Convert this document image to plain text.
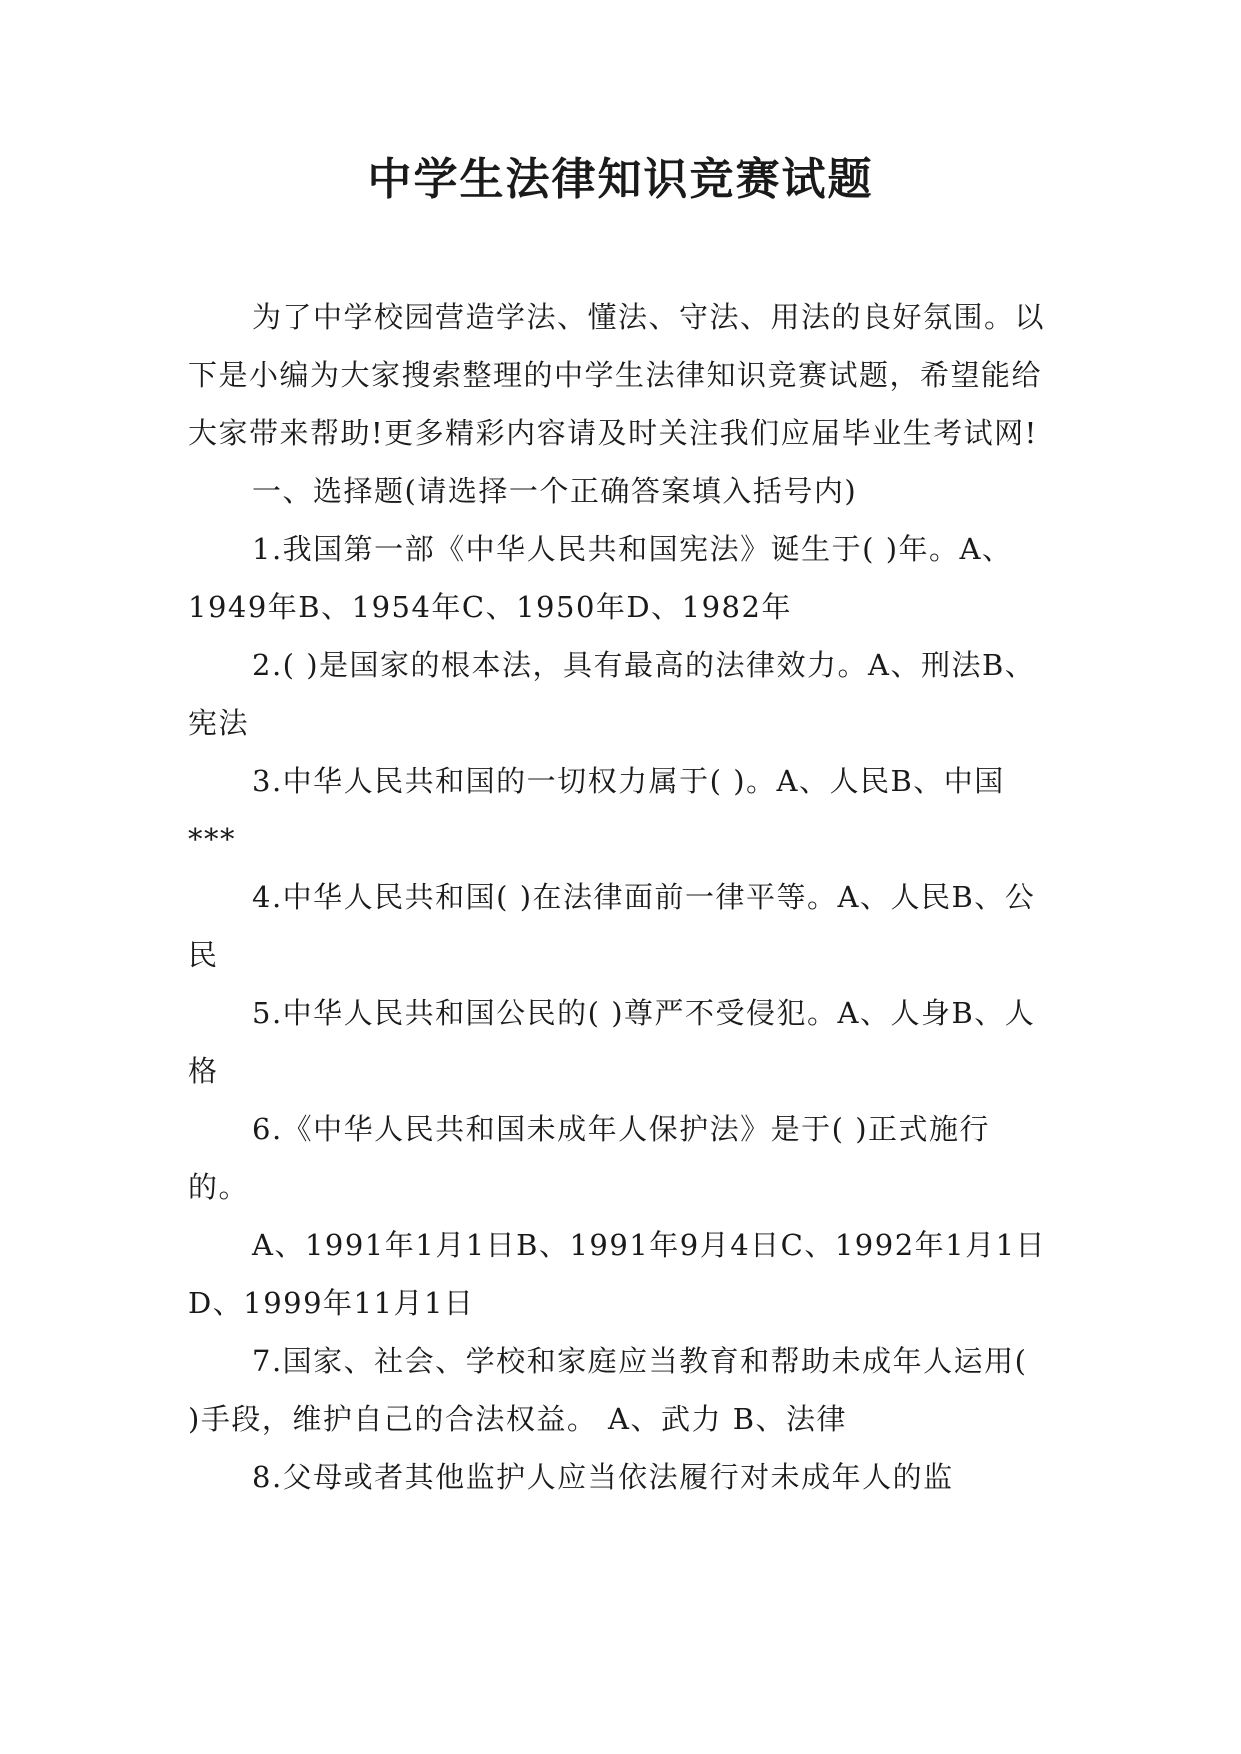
中学生法律知识竞赛试题

为了中学校园营造学法、懂法、守法、用法的良好氛围。以下是小编为大家搜索整理的中学生法律知识竞赛试题，希望能给大家带来帮助!更多精彩内容请及时关注我们应届毕业生考试网!

一、选择题(请选择一个正确答案填入括号内)

1.我国第一部《中华人民共和国宪法》诞生于( )年。A、1949年B、1954年C、1950年D、1982年

2.( )是国家的根本法，具有最高的法律效力。A、刑法B、宪法

3.中华人民共和国的一切权力属于( )。A、人民B、中国***

4.中华人民共和国( )在法律面前一律平等。A、人民B、公民

5.中华人民共和国公民的( )尊严不受侵犯。A、人身B、人格

6.《中华人民共和国未成年人保护法》是于( )正式施行的。

A、1991年1月1日B、1991年9月4日C、1992年1月1日D、1999年11月1日

7.国家、社会、学校和家庭应当教育和帮助未成年人运用( )手段，维护自己的合法权益。 A、武力 B、法律

8.父母或者其他监护人应当依法履行对未成年人的监
